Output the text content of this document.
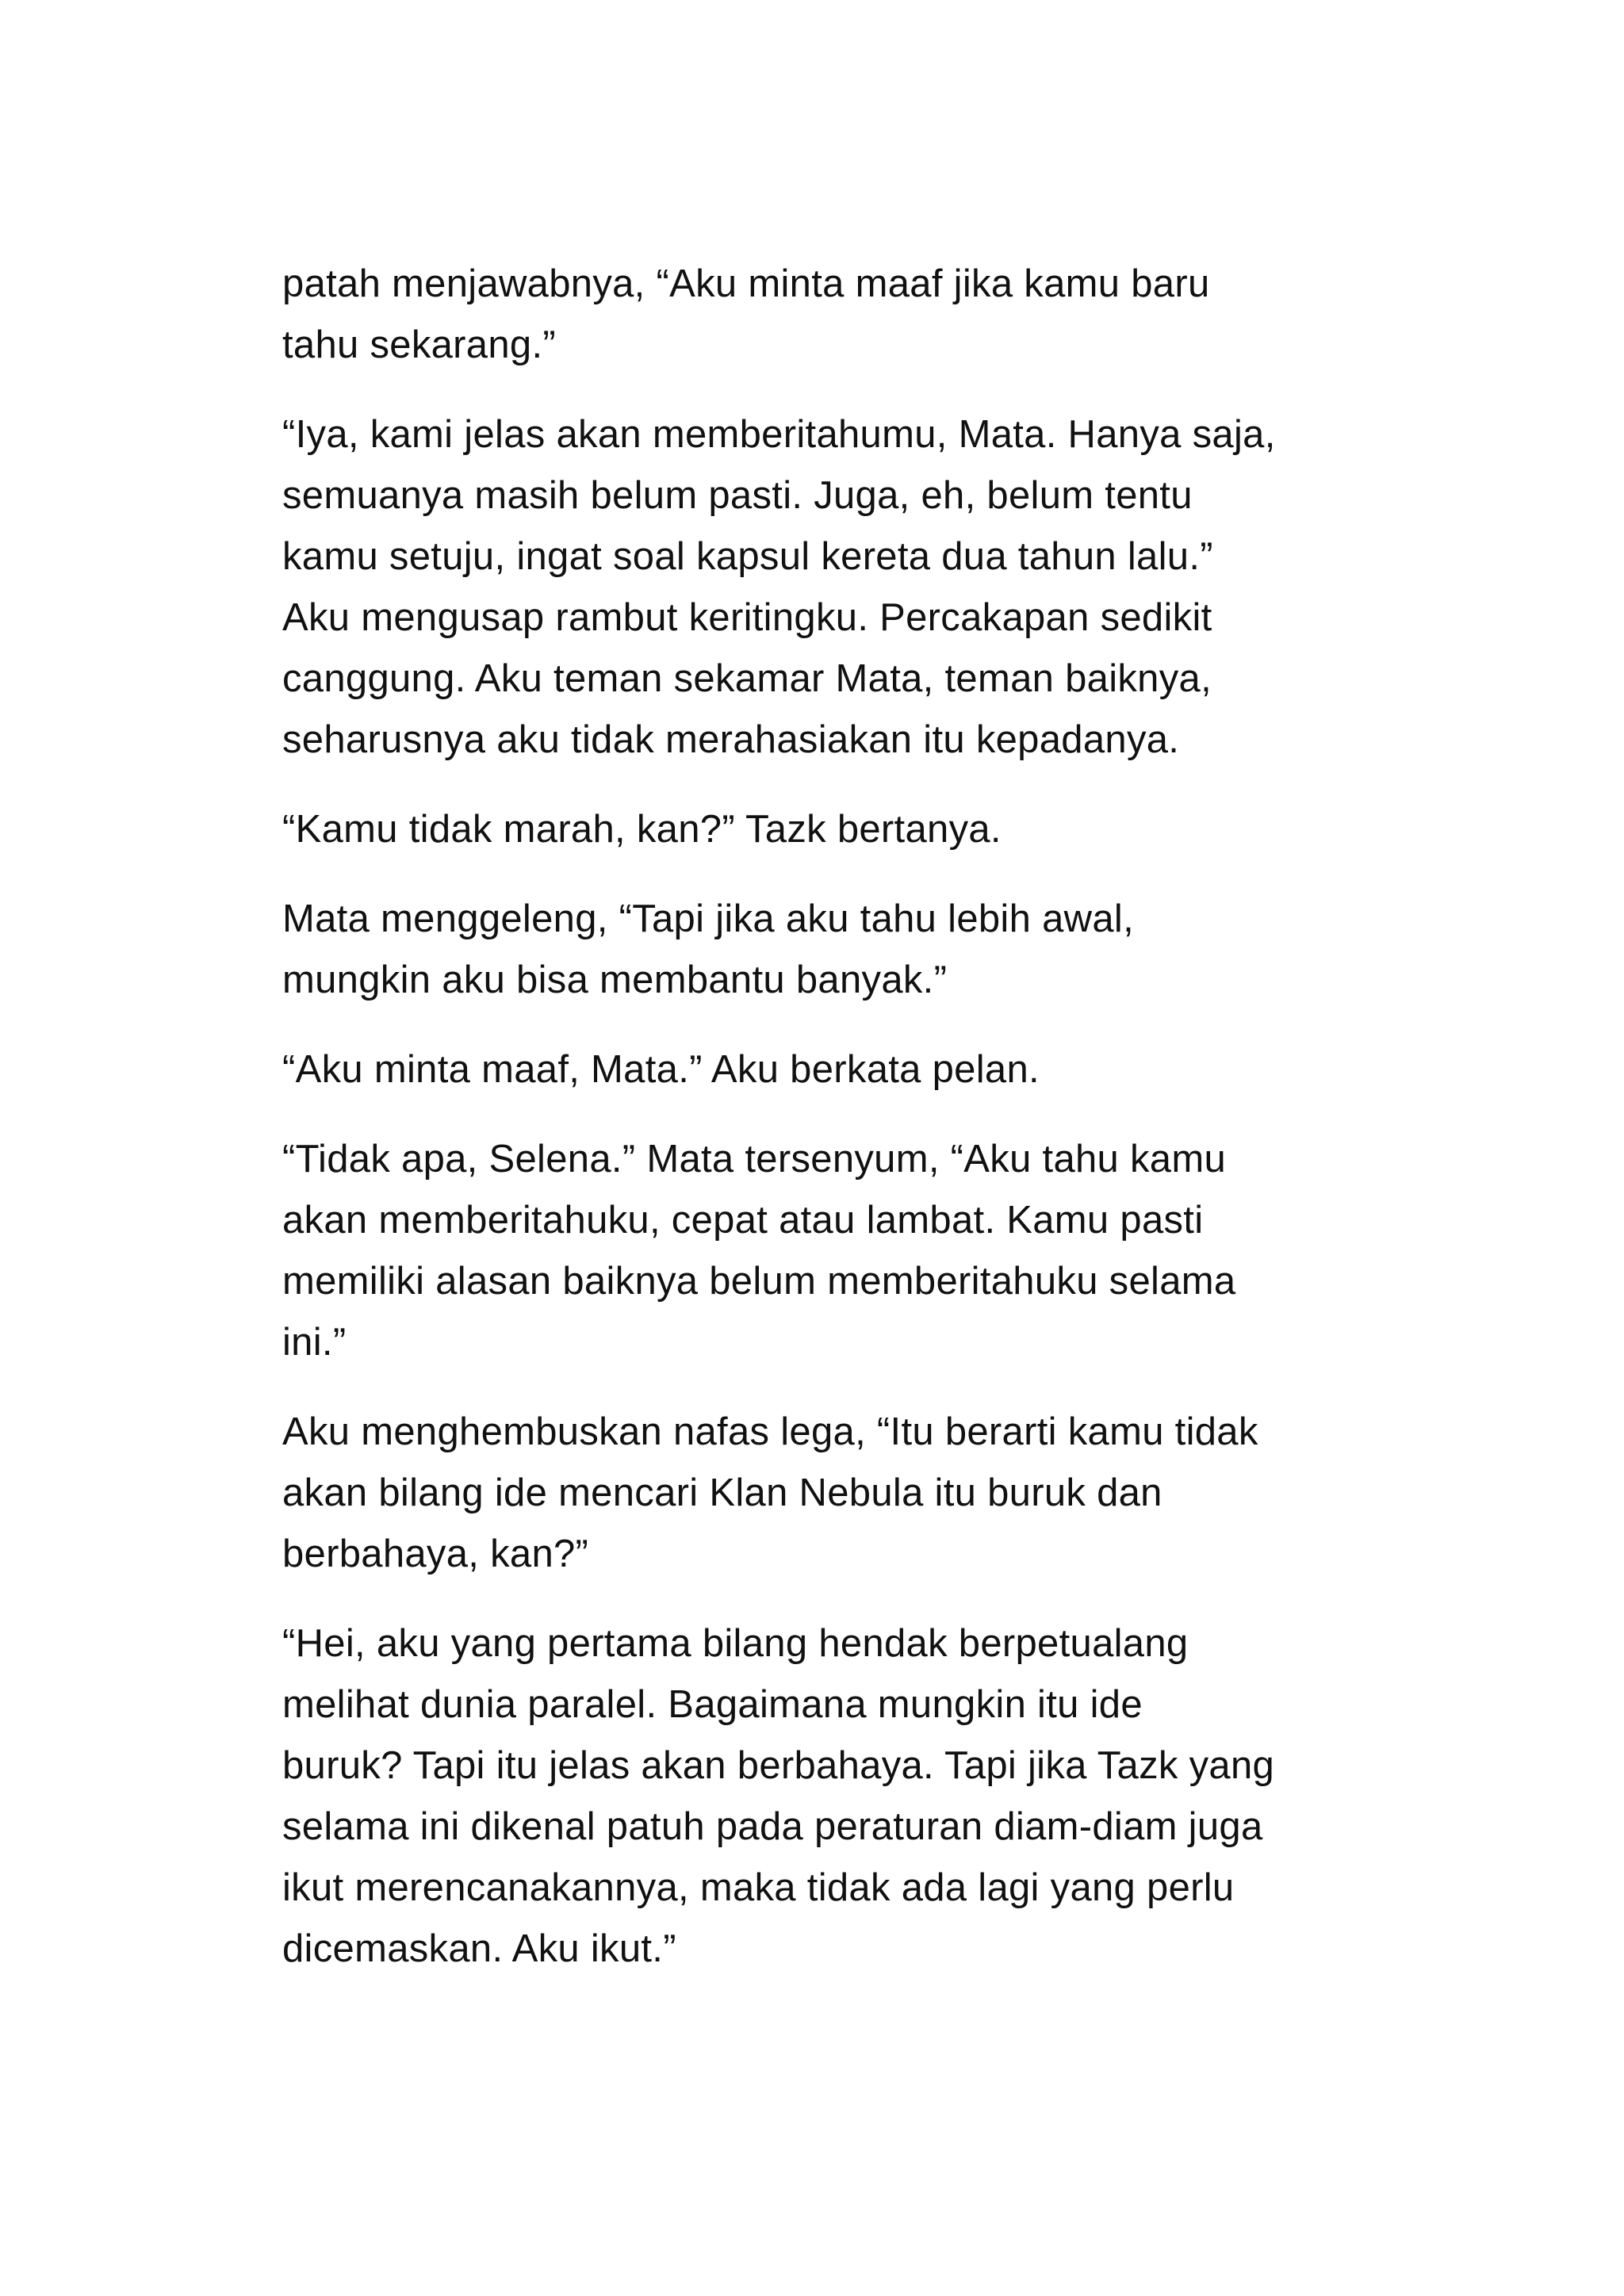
patah menjawabnya, “Aku minta maaf jika kamu baru
tahu sekarang.”

“Iya, kami jelas akan memberitahumu, Mata. Hanya saja,
semuanya masih belum pasti. Juga, eh, belum tentu
kamu setuju, ingat soal kapsul kereta dua tahun lalu.”
Aku mengusap rambut keritingku. Percakapan sedikit
canggung. Aku teman sekamar Mata, teman baiknya,
seharusnya aku tidak merahasiakan itu kepadanya.

“Kamu tidak marah, kan?” Tazk bertanya.

Mata menggeleng, “Tapi jika aku tahu lebih awal,
mungkin aku bisa membantu banyak.”

“Aku minta maaf, Mata.” Aku berkata pelan.

“Tidak apa, Selena.” Mata tersenyum, “Aku tahu kamu
akan memberitahuku, cepat atau lambat. Kamu pasti
memiliki alasan baiknya belum memberitahuku selama
ini.”

Aku menghembuskan nafas lega, “Itu berarti kamu tidak
akan bilang ide mencari Klan Nebula itu buruk dan
berbahaya, kan?”

“Hei, aku yang pertama bilang hendak berpetualang
melihat dunia paralel. Bagaimana mungkin itu ide
buruk? Tapi itu jelas akan berbahaya. Tapi jika Tazk yang
selama ini dikenal patuh pada peraturan diam-diam juga
ikut merencanakannya, maka tidak ada lagi yang perlu
dicemaskan. Aku ikut.”
